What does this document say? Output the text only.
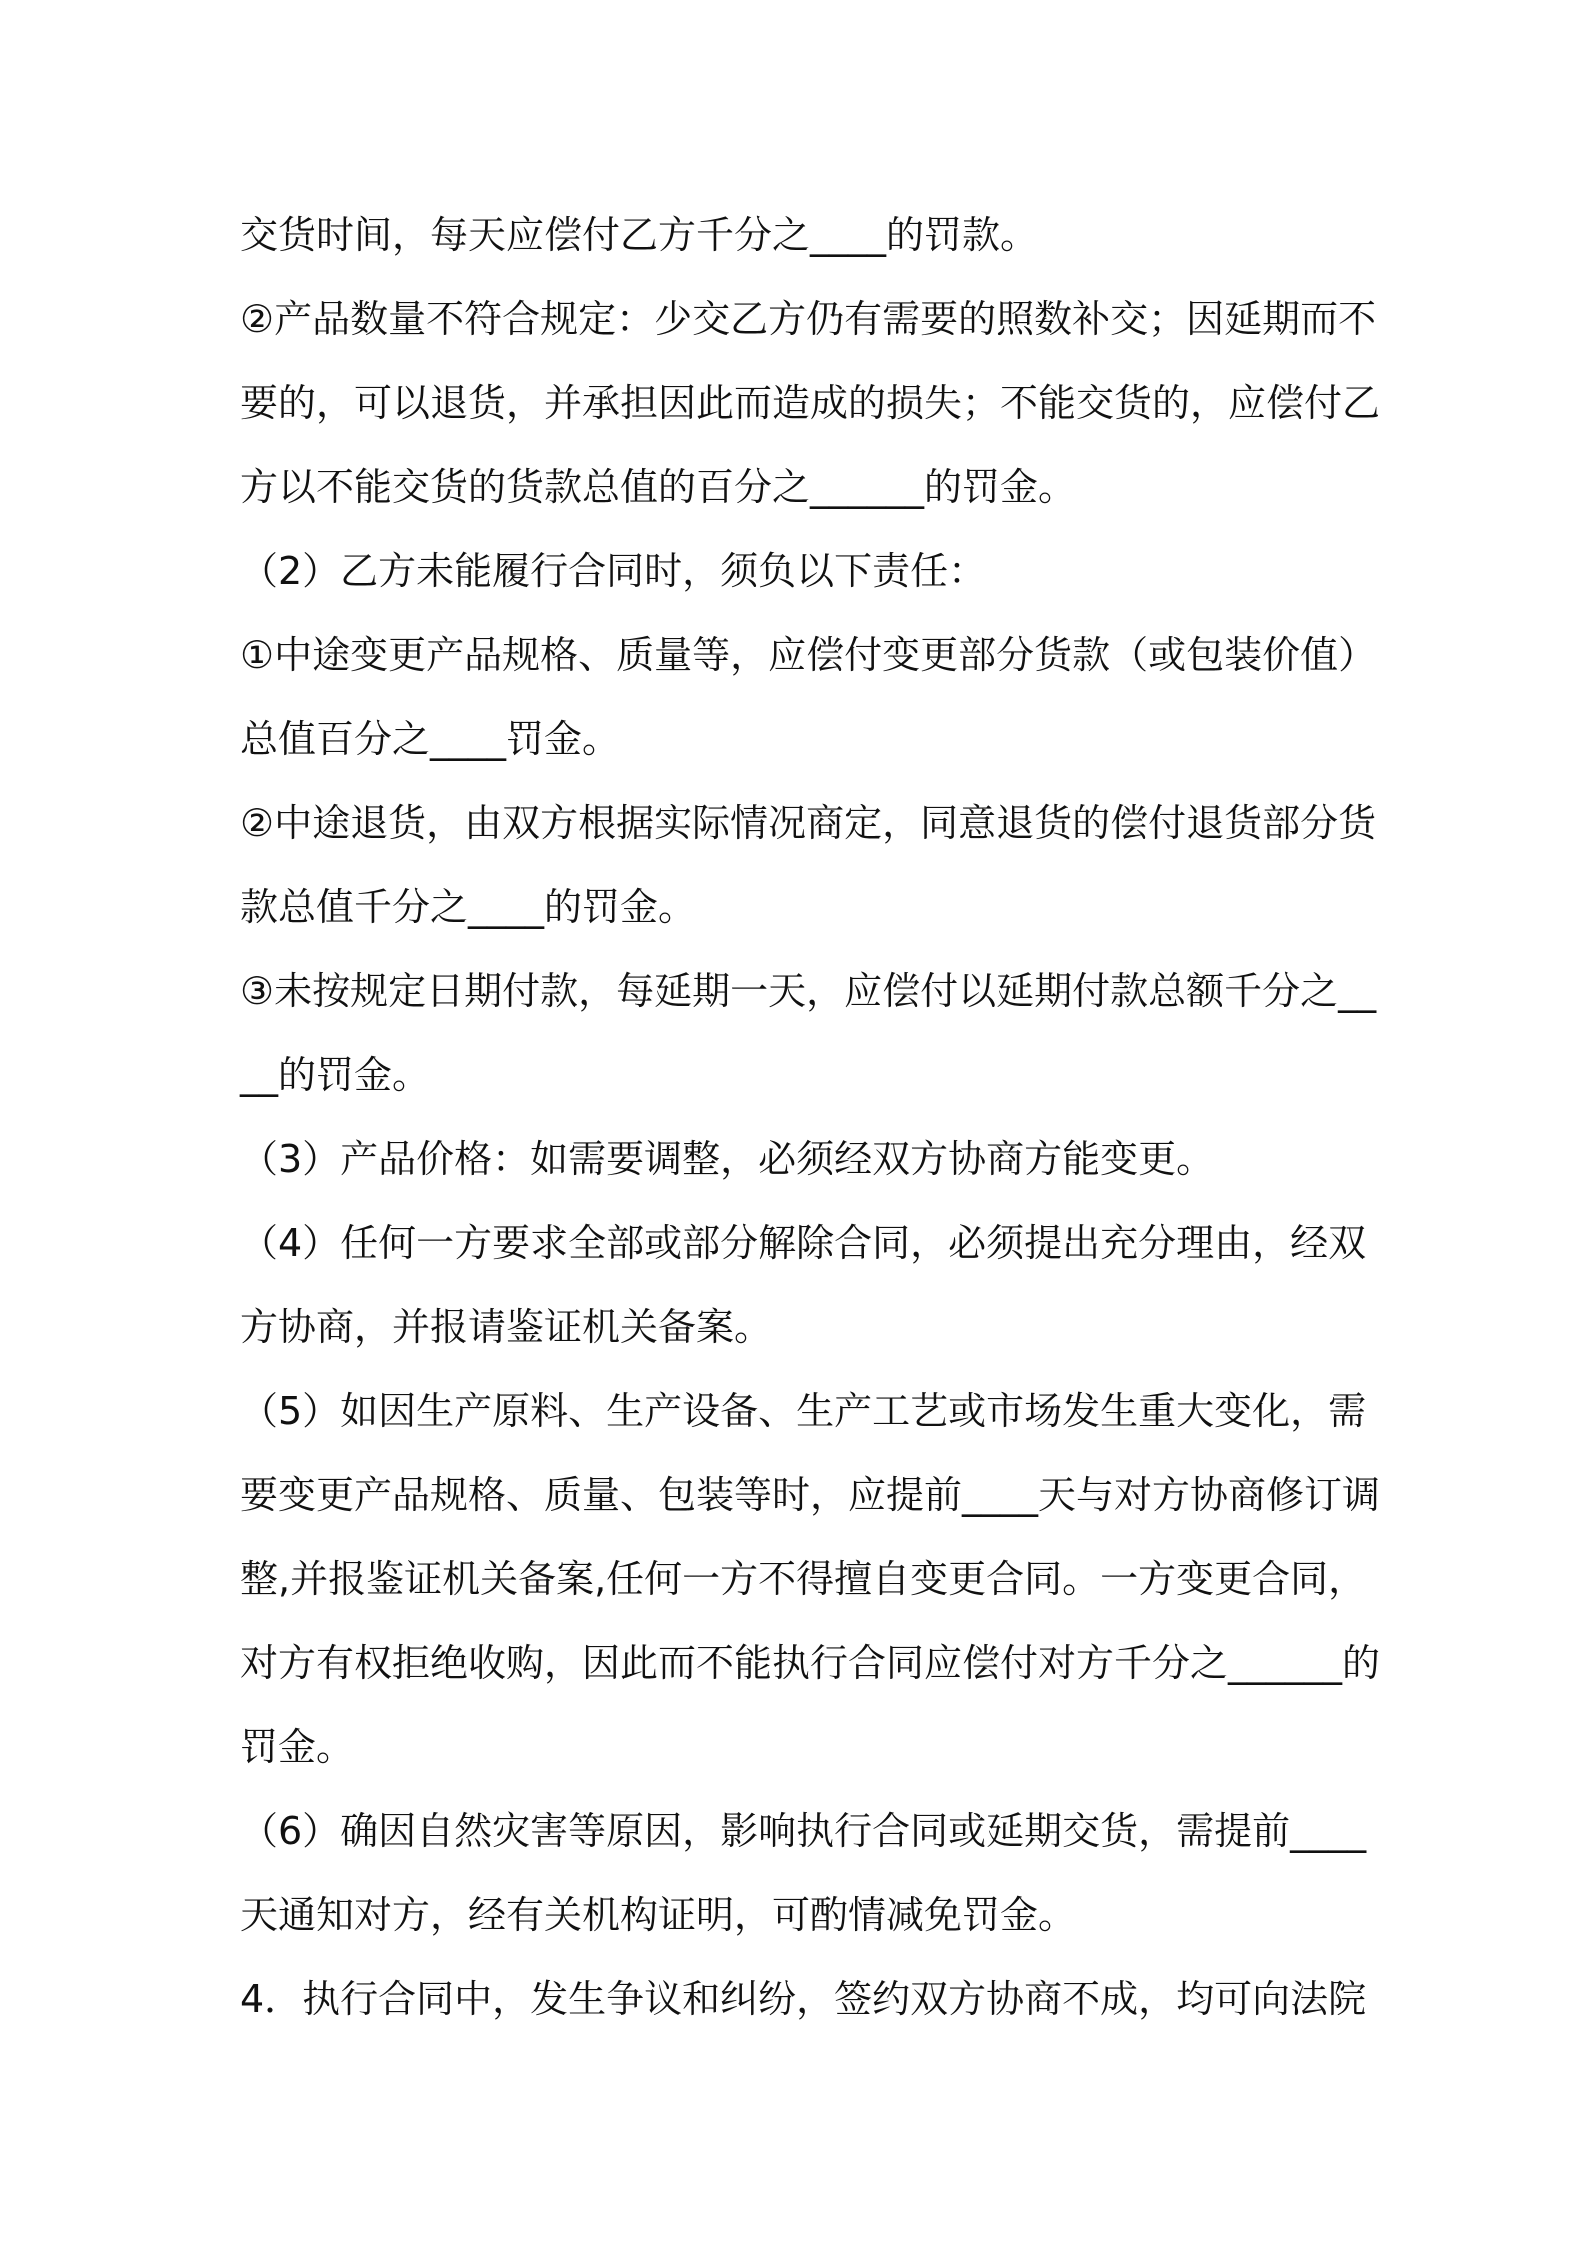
交货时间，每天应偿付乙方千分之____的罚款。
②产品数量不符合规定：少交乙方仍有需要的照数补交；因延期而不
要的，可以退货，并承担因此而造成的损失；不能交货的，应偿付乙
方以不能交货的货款总值的百分之______的罚金。
（2）乙方未能履行合同时，须负以下责任：
①中途变更产品规格、质量等，应偿付变更部分货款（或包装价值）
总值百分之____罚金。
②中途退货，由双方根据实际情况商定，同意退货的偿付退货部分货
款总值千分之____的罚金。
③未按规定日期付款，每延期一天，应偿付以延期付款总额千分之__
__的罚金。
（3）产品价格：如需要调整，必须经双方协商方能变更。
（4）任何一方要求全部或部分解除合同，必须提出充分理由，经双
方协商，并报请鉴证机关备案。
（5）如因生产原料、生产设备、生产工艺或市场发生重大变化，需
要变更产品规格、质量、包装等时，应提前____天与对方协商修订调
整,并报鉴证机关备案,任何一方不得擅自变更合同。一方变更合同，
对方有权拒绝收购，因此而不能执行合同应偿付对方千分之______的
罚金。
（6）确因自然灾害等原因，影响执行合同或延期交货，需提前____
天通知对方，经有关机构证明，可酌情减免罚金。
4．执行合同中，发生争议和纠纷，签约双方协商不成，均可向法院
